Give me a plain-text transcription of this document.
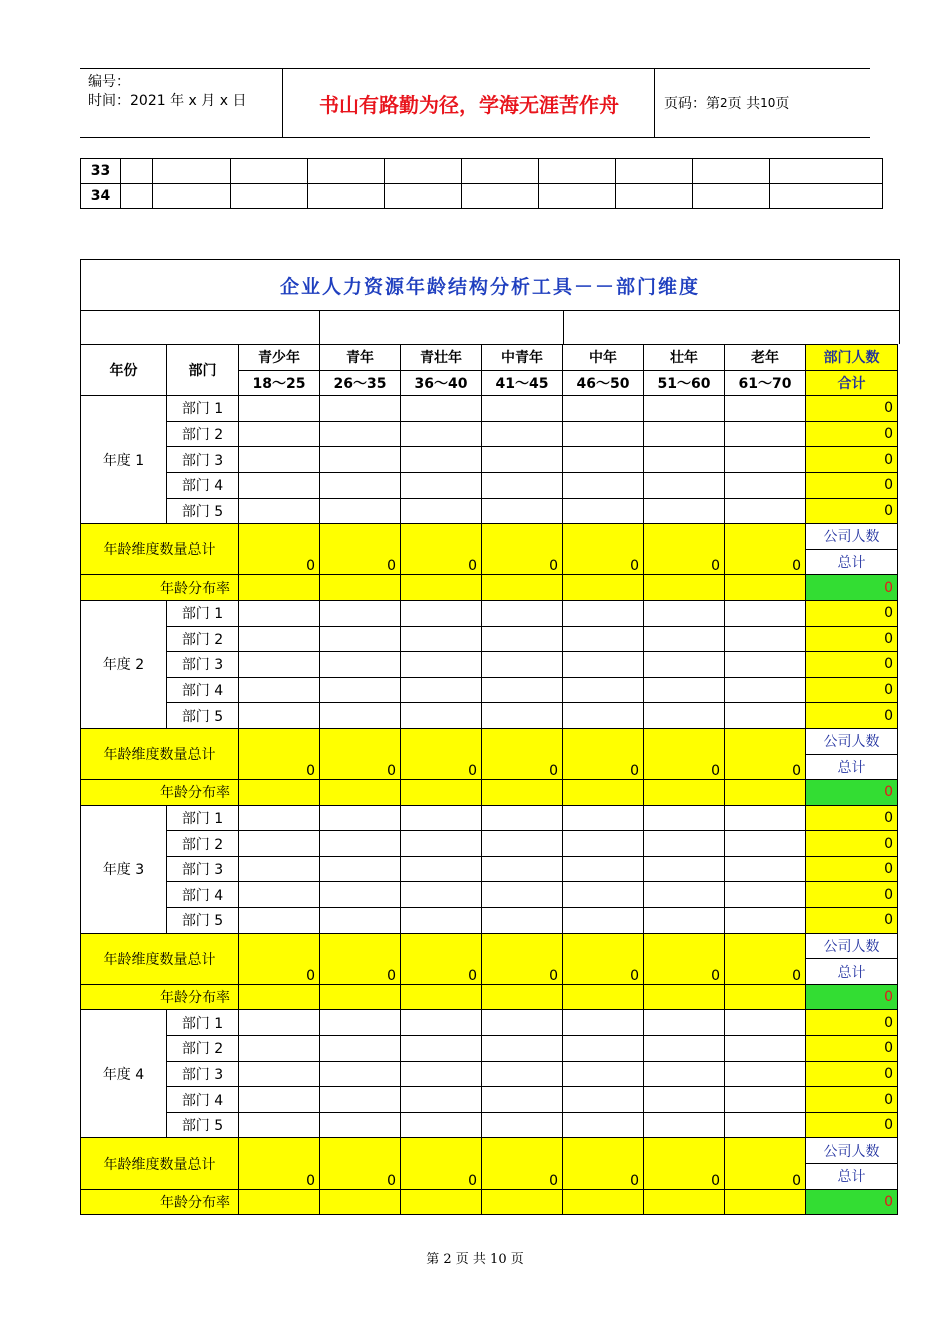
编号：
时间：2021 年 x 月 x 日	书山有路勤为径，学海无涯苦作舟	页码：第 2 页 共 10 页
33										
34										
企业人力资源年龄结构分析工具－－部门维度
年份	部门	青少年	青年	青壮年	中青年	中年	壮年	老年	部门人数
		18～25	26～35	36～40	41～45	46～50	51～60	61～70	合计
年度 1	部门 1								0
	部门 2								0
	部门 3								0
	部门 4								0
	部门 5								0
年龄维度数量总计		0	0	0	0	0	0	0	公司人数
									总计
年龄分布率									0
年度 2	部门 1								0
	部门 2								0
	部门 3								0
	部门 4								0
	部门 5								0
年龄维度数量总计		0	0	0	0	0	0	0	公司人数
									总计
年龄分布率									0
年度 3	部门 1								0
	部门 2								0
	部门 3								0
	部门 4								0
	部门 5								0
年龄维度数量总计		0	0	0	0	0	0	0	公司人数
									总计
年龄分布率									0
年度 4	部门 1								0
	部门 2								0
	部门 3								0
	部门 4								0
	部门 5								0
年龄维度数量总计		0	0	0	0	0	0	0	公司人数
									总计
年龄分布率									0
第 2 页 共 10 页
